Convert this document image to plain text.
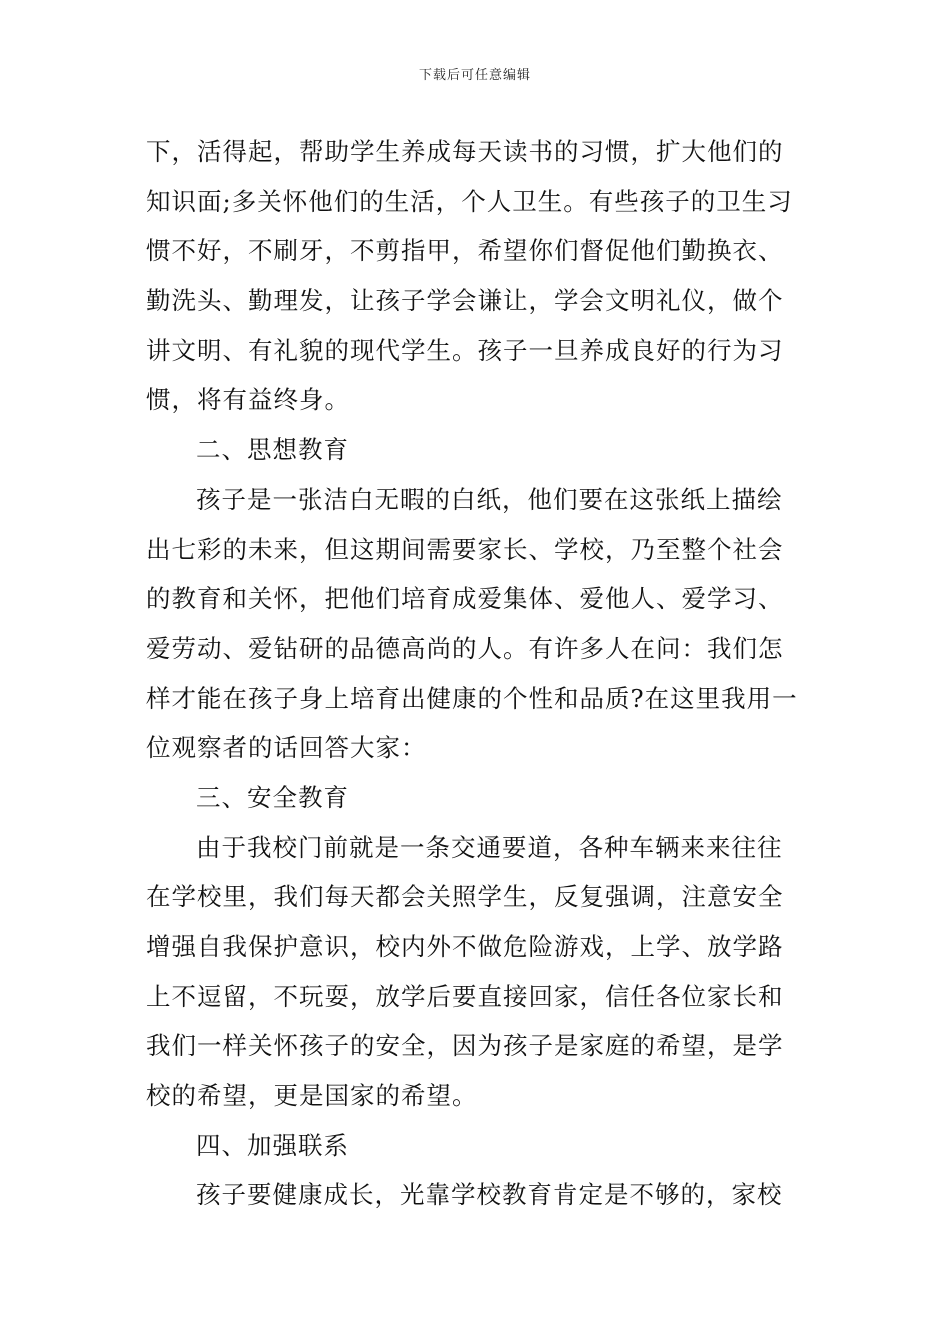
下载后可任意编辑
下，活得起，帮助学生养成每天读书的习惯，扩大他们的
知识面;多关怀他们的生活，个人卫生。有些孩子的卫生习
惯不好，不刷牙，不剪指甲，希望你们督促他们勤换衣、
勤洗头、勤理发，让孩子学会谦让，学会文明礼仪，做个
讲文明、有礼貌的现代学生。孩子一旦养成良好的行为习
惯，将有益终身。
二、思想教育
孩子是一张洁白无暇的白纸，他们要在这张纸上描绘
出七彩的未来，但这期间需要家长、学校，乃至整个社会
的教育和关怀，把他们培育成爱集体、爱他人、爱学习、
爱劳动、爱钻研的品德高尚的人。有许多人在问：我们怎
样才能在孩子身上培育出健康的个性和品质?在这里我用一
位观察者的话回答大家：
三、安全教育
由于我校门前就是一条交通要道，各种车辆来来往往
在学校里，我们每天都会关照学生，反复强调，注意安全
增强自我保护意识，校内外不做危险游戏，上学、放学路
上不逗留，不玩耍，放学后要直接回家，信任各位家长和
我们一样关怀孩子的安全，因为孩子是家庭的希望，是学
校的希望，更是国家的希望。
四、加强联系
孩子要健康成长，光靠学校教育肯定是不够的，家校
